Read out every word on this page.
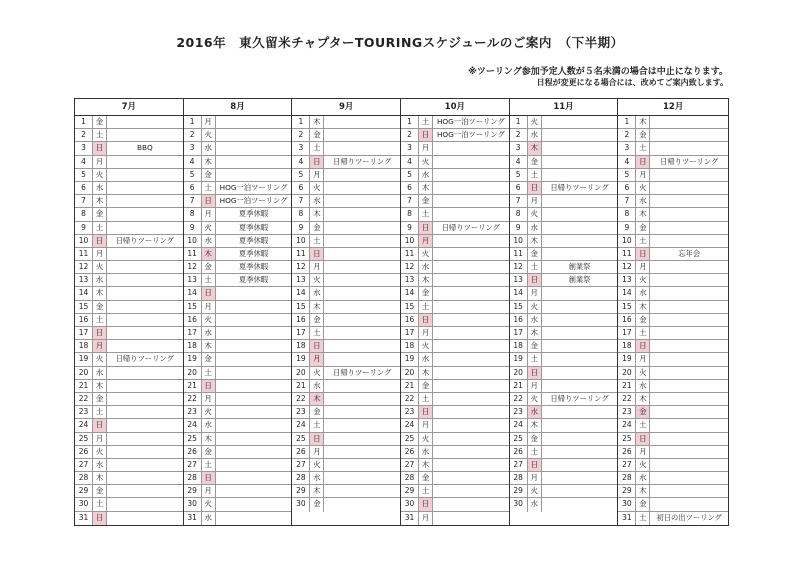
2016年　東久留米チャプターTOURINGスケジュールのご案内　（下半期）
※ツーリング参加予定人数が５名未満の場合は中止になります。
日程が変更になる場合には、改めてご案内致します。
7月
1	金
2	土
3	日	BBQ
4	月
5	火
6	水
7	木
8	金
9	土
10 日	日帰りツーリング
11 月
12 火
13 水
14 木
15 金
16 土
17 日
18 月
19 火	日帰りツーリング
20 水
21 木
22 金
23 土
24 日
25 月
26 火
27 水
28 木
29 金
30 土
31 日
8月
1	月
2	火
3	水
4	木
5	金
6	土	HOG一泊ツーリング
7	日	HOG一泊ツーリング
8	月	夏季休暇
9	火	夏季休暇
10 水	夏季休暇
11 木	夏季休暇
12 金	夏季休暇
13 土	夏季休暇
14 日
15 月
16 火
17 水
18 木
19 金
20 土
21 日
22 月
23 火
24 水
25 木
26 金
27 土
28 日
29 月
30 火
31 水
9月
1	木
2	金
3	土
4	日	日帰りツーリング
5	月
6	火
7	水
8	木
9	金
10 土
11 日
12 月
13 火
14 水
15 木
16 金
17 土
18 日
19 月
20 火	日帰りツーリング
21 水
22 木
23 金
24 土
25 日
26 月
27 火
28 水
29 木
30 金
10月
1	土	HOG一泊ツーリング
2	日	HOG一泊ツーリング
3	月
4	火
5	水
6	木
7	金
8	土
9	日	日帰りツーリング
10 月
11 火
12 水
13 木
14 金
15 土
16 日
17 月
18 火
19 水
20 木
21 金
22 土
23 日
24 月
25 火
26 水
27 木
28 金
29 土
30 日
31 月
11月
1	火
2	水
3	木
4	金
5	土
6	日	日帰りツーリング
7	月
8	火
9	水
10 木
11 金
12 土	創業祭
13 日	創業祭
14 月
15 火
16 水
17 木
18 金
19 土
20 日
21 月
22 火	日帰りツーリング
23 水
24 木
25 金
26 土
27 日
28 月
29 火
30 水
12月
1	木
2	金
3	土
4	日	日帰りツーリング
5	月
6	火
7	水
8	木
9	金
10 土
11 日	忘年会
12 月
13 火
14 水
15 木
16 金
17 土
18 日
19 月
20 火
21 水
22 木
23 金
24 土
25 日
26 月
27 火
28 水
29 木
30 金
31 土	初日の出ツーリング
